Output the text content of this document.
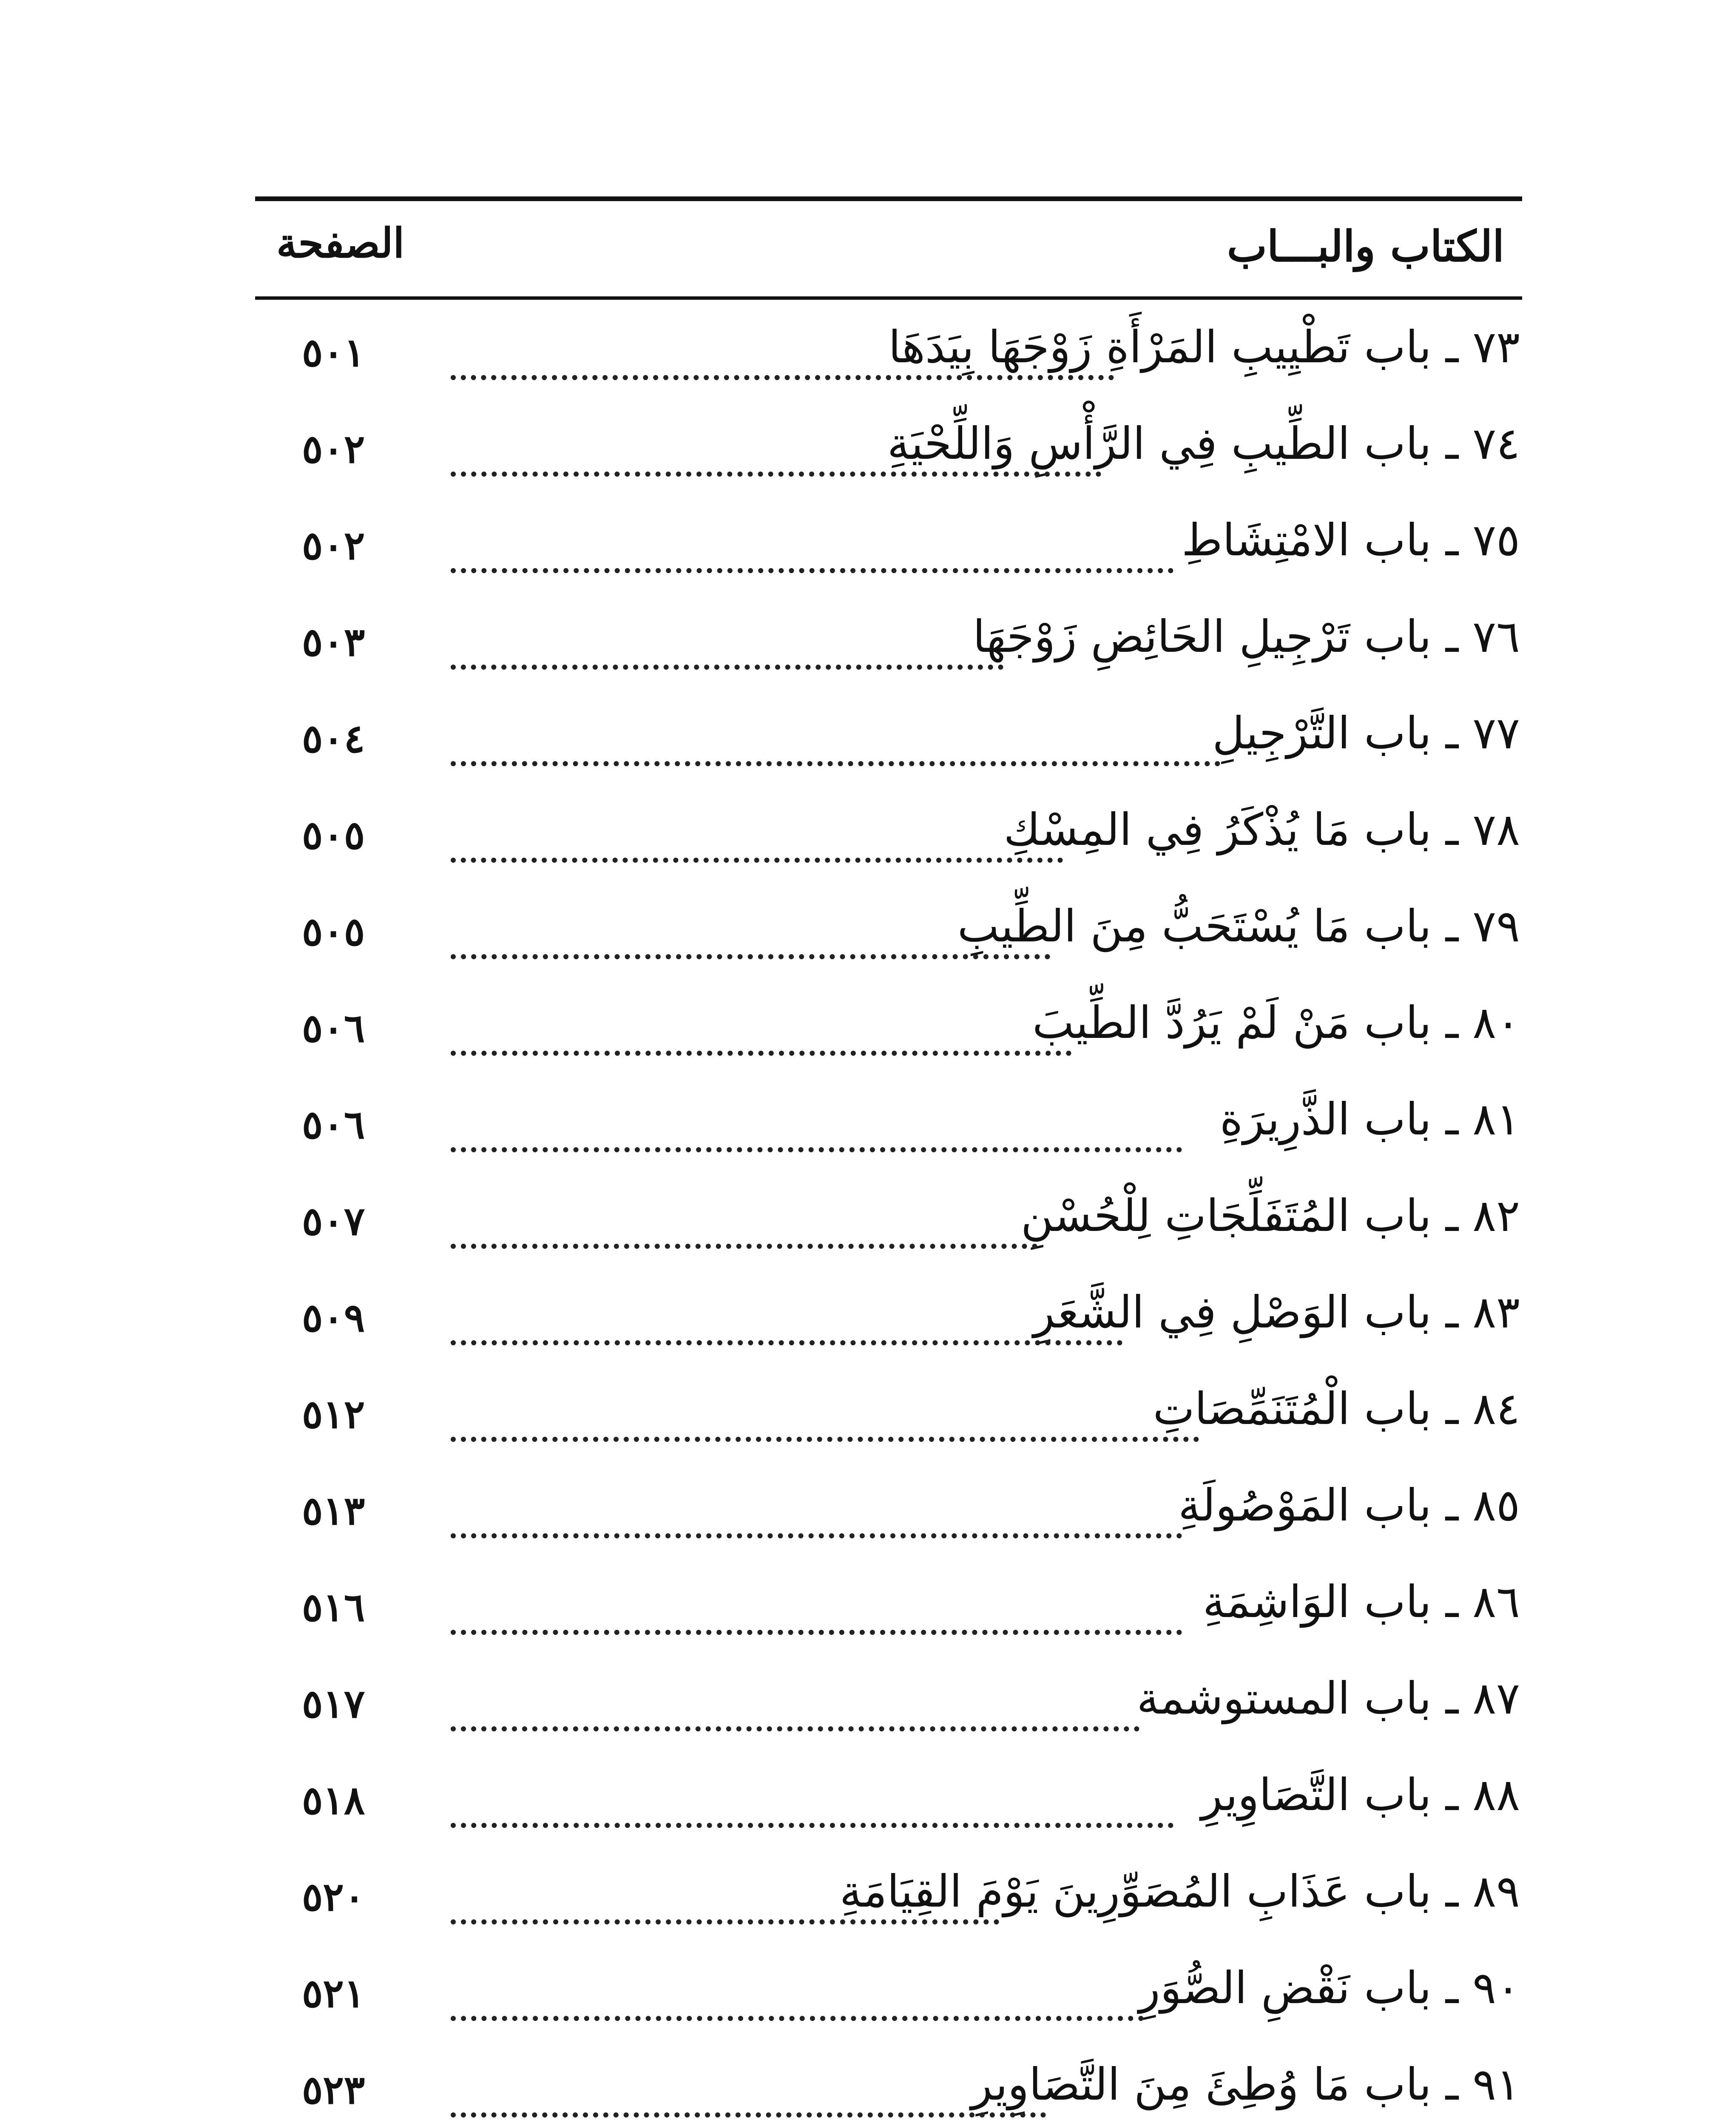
الكتاب والبـــاب
الصفحة
٧٣ ـ باب تَطْيِيبِ المَرْأَةِ زَوْجَهَا بِيَدَهَا
٥٠١
٧٤ ـ باب الطِّيبِ فِي الرَّأْسِ وَاللِّحْيَةِ
٥٠٢
٧٥ ـ باب الامْتِشَاطِ
٥٠٢
٧٦ ـ باب تَرْجِيلِ الحَائِضِ زَوْجَهَا
٥٠٣
٧٧ ـ باب التَّرْجِيلِ
٥٠٤
٧٨ ـ باب مَا يُذْكَرُ فِي المِسْكِ
٥٠٥
٧٩ ـ باب مَا يُسْتَحَبُّ مِنَ الطِّيبِ
٥٠٥
٨٠ ـ باب مَنْ لَمْ يَرُدَّ الطِّيبَ
٥٠٦
٨١ ـ باب الذَّرِيرَةِ
٥٠٦
٨٢ ـ باب المُتَفَلِّجَاتِ لِلْحُسْنِ
٥٠٧
٨٣ ـ باب الوَصْلِ فِي الشَّعَرِ
٥٠٩
٨٤ ـ باب الْمُتَنَمِّصَاتِ
٥١٢
٨٥ ـ باب المَوْصُولَةِ
٥١٣
٨٦ ـ باب الوَاشِمَةِ
٥١٦
٨٧ ـ باب المستوشمة
٥١٧
٨٨ ـ باب التَّصَاوِيرِ
٥١٨
٨٩ ـ باب عَذَابِ المُصَوِّرِينَ يَوْمَ القِيَامَةِ
٥٢٠
٩٠ ـ باب نَقْضِ الصُّوَرِ
٥٢١
٩١ ـ باب مَا وُطِئَ مِنَ التَّصَاوِيرِ
٥٢٣
